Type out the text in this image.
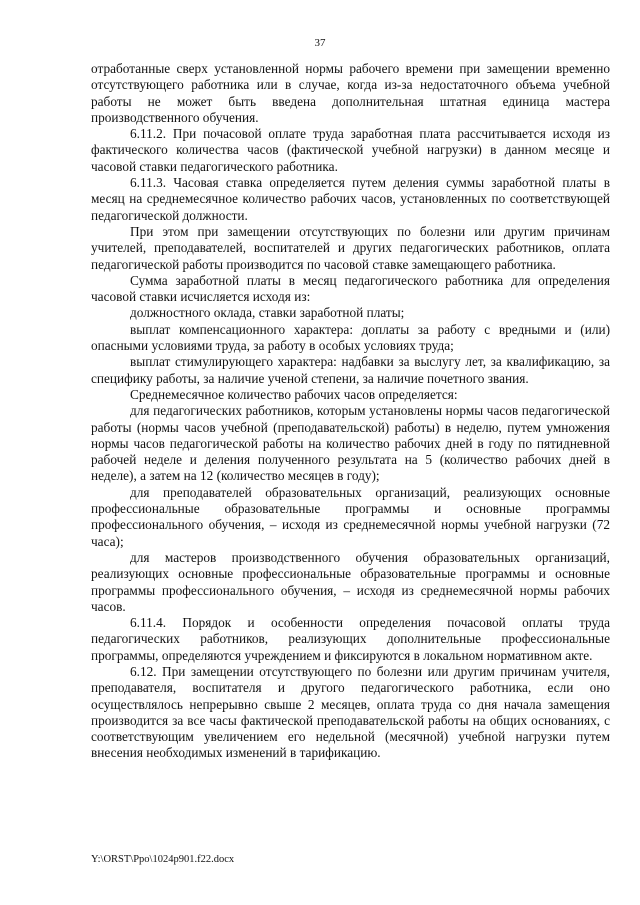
37

отработанные сверх установленной нормы рабочего времени при замещении временно отсутствующего работника или в случае, когда из-за недостаточного объема учебной работы не может быть введена дополнительная штатная единица мастера производственного обучения.

6.11.2. При почасовой оплате труда заработная плата рассчитывается исходя из фактического количества часов (фактической учебной нагрузки) в данном месяце и часовой ставки педагогического работника.

6.11.3. Часовая ставка определяется путем деления суммы заработной платы в месяц на среднемесячное количество рабочих часов, установленных по соответствующей педагогической должности.

При этом при замещении отсутствующих по болезни или другим причинам учителей, преподавателей, воспитателей и других педагогических работников, оплата педагогической работы производится по часовой ставке замещающего работника.

Сумма заработной платы в месяц педагогического работника для определения часовой ставки исчисляется исходя из:

должностного оклада, ставки заработной платы;

выплат компенсационного характера: доплаты за работу с вредными и (или) опасными условиями труда, за работу в особых условиях труда;

выплат стимулирующего характера: надбавки за выслугу лет, за квалификацию, за специфику работы, за наличие ученой степени, за наличие почетного звания.

Среднемесячное количество рабочих часов определяется:

для педагогических работников, которым установлены нормы часов педагогической работы (нормы часов учебной (преподавательской) работы) в неделю, путем умножения нормы часов педагогической работы на количество рабочих дней в году по пятидневной рабочей неделе и деления полученного результата на 5 (количество рабочих дней в неделе), а затем на 12 (количество месяцев в году);

для преподавателей образовательных организаций, реализующих основные профессиональные образовательные программы и основные программы профессионального обучения, – исходя из среднемесячной нормы учебной нагрузки (72 часа);

для мастеров производственного обучения образовательных организаций, реализующих основные профессиональные образовательные программы и основные программы профессионального обучения, – исходя из среднемесячной нормы рабочих часов.

6.11.4. Порядок и особенности определения почасовой оплаты труда педагогических работников, реализующих дополнительные профессиональные программы, определяются учреждением и фиксируются в локальном нормативном акте.

6.12. При замещении отсутствующего по болезни или другим причинам учителя, преподавателя, воспитателя и другого педагогического работника, если оно осуществлялось непрерывно свыше 2 месяцев, оплата труда со дня начала замещения производится за все часы фактической преподавательской работы на общих основаниях, с соответствующим увеличением его недельной (месячной) учебной нагрузки путем внесения необходимых изменений в тарификацию.

Y:\ORST\Ppo\1024p901.f22.docx
